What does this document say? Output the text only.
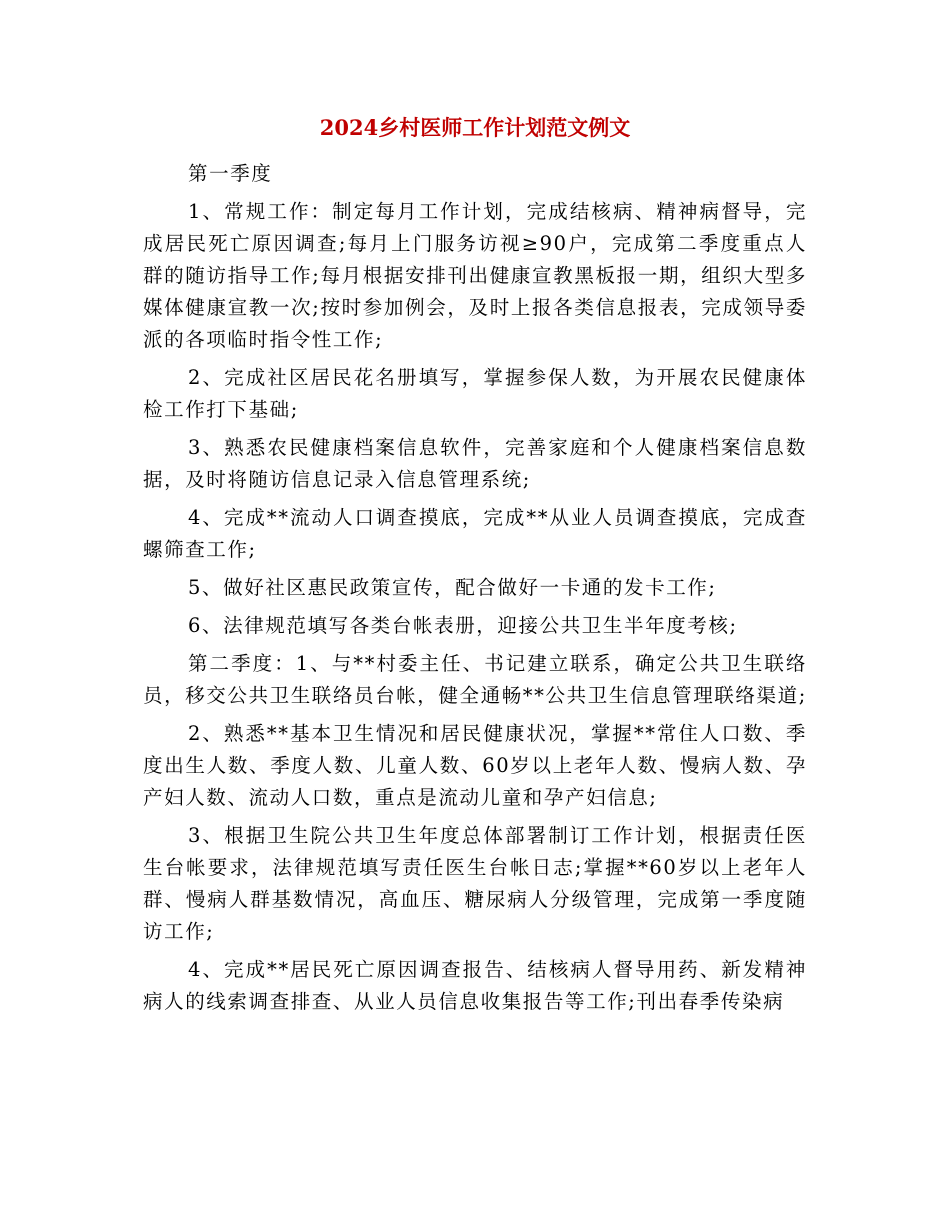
2024乡村医师工作计划范文例文

第一季度

1、常规工作：制定每月工作计划，完成结核病、精神病督导，完成居民死亡原因调查;每月上门服务访视≥90户，完成第二季度重点人群的随访指导工作;每月根据安排刊出健康宣教黑板报一期，组织大型多媒体健康宣教一次;按时参加例会，及时上报各类信息报表，完成领导委派的各项临时指令性工作;

2、完成社区居民花名册填写，掌握参保人数，为开展农民健康体检工作打下基础;

3、熟悉农民健康档案信息软件，完善家庭和个人健康档案信息数据，及时将随访信息记录入信息管理系统;

4、完成**流动人口调查摸底，完成**从业人员调查摸底，完成查螺筛查工作;

5、做好社区惠民政策宣传，配合做好一卡通的发卡工作;

6、法律规范填写各类台帐表册，迎接公共卫生半年度考核;

第二季度：1、与**村委主任、书记建立联系，确定公共卫生联络员，移交公共卫生联络员台帐，健全通畅**公共卫生信息管理联络渠道;

2、熟悉**基本卫生情况和居民健康状况，掌握**常住人口数、季度出生人数、季度人数、儿童人数、60岁以上老年人数、慢病人数、孕产妇人数、流动人口数，重点是流动儿童和孕产妇信息;

3、根据卫生院公共卫生年度总体部署制订工作计划，根据责任医生台帐要求，法律规范填写责任医生台帐日志;掌握**60岁以上老年人群、慢病人群基数情况，高血压、糖尿病人分级管理，完成第一季度随访工作;

4、完成**居民死亡原因调查报告、结核病人督导用药、新发精神病人的线索调查排查、从业人员信息收集报告等工作;刊出春季传染病
